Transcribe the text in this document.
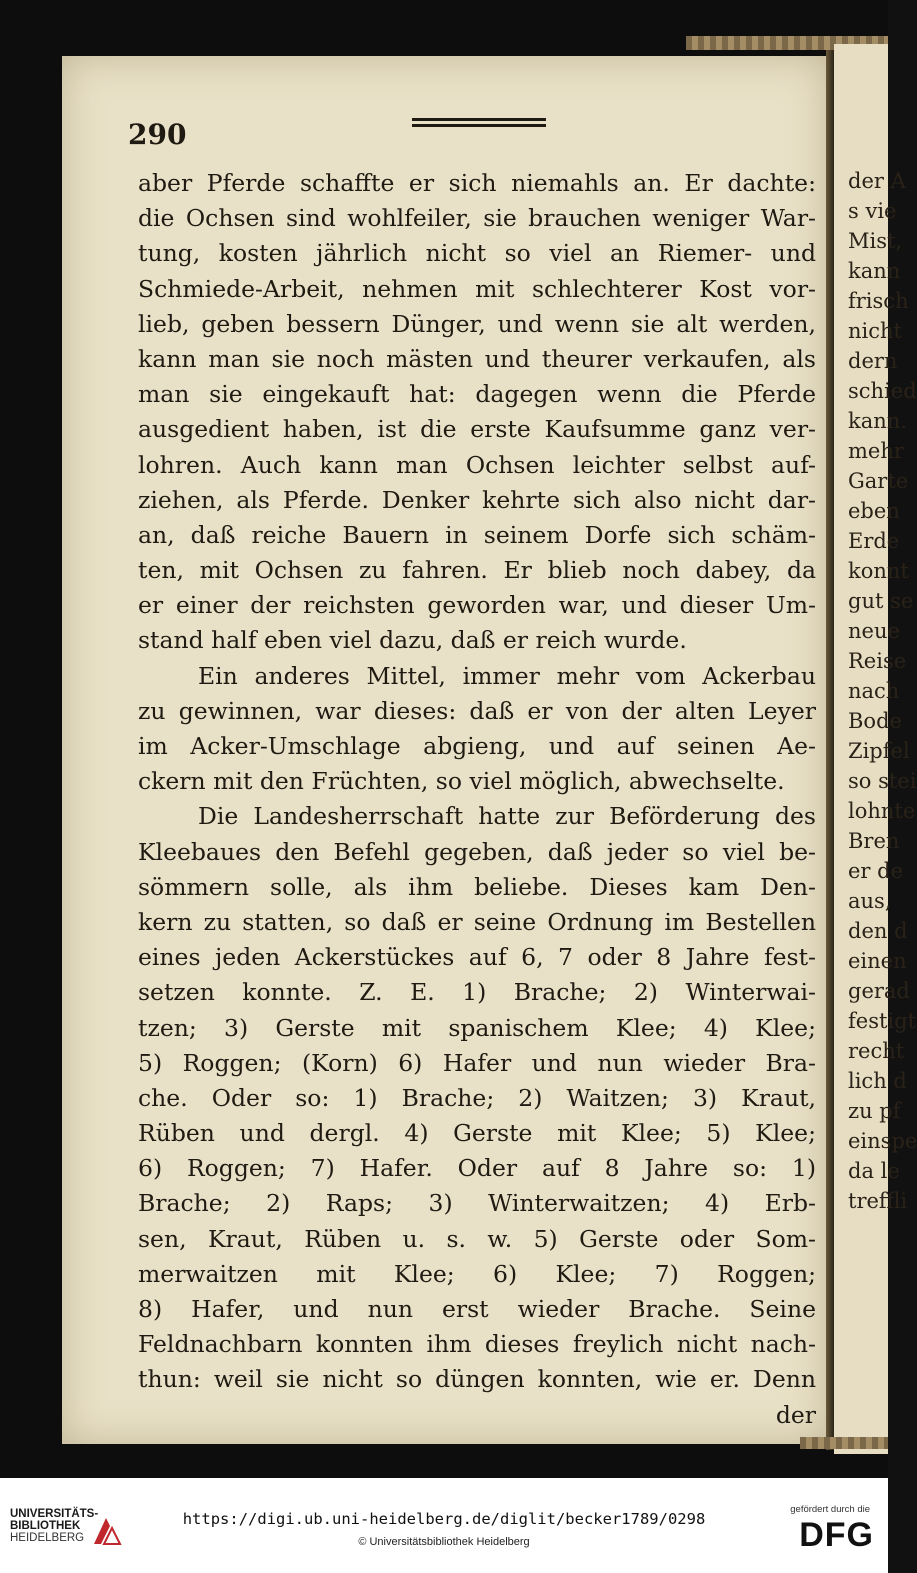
290
aber Pferde schaffte er sich niemahls an. Er dachte:
die Ochsen sind wohlfeiler, sie brauchen weniger War-
tung, kosten jährlich nicht so viel an Riemer- und
Schmiede-Arbeit, nehmen mit schlechterer Kost vor-
lieb, geben bessern Dünger, und wenn sie alt werden,
kann man sie noch mästen und theurer verkaufen, als
man sie eingekauft hat: dagegen wenn die Pferde
ausgedient haben, ist die erste Kaufsumme ganz ver-
lohren. Auch kann man Ochsen leichter selbst auf-
ziehen, als Pferde. Denker kehrte sich also nicht dar-
an, daß reiche Bauern in seinem Dorfe sich schäm-
ten, mit Ochsen zu fahren. Er blieb noch dabey, da
er einer der reichsten geworden war, und dieser Um-
stand half eben viel dazu, daß er reich wurde.
Ein anderes Mittel, immer mehr vom Ackerbau
zu gewinnen, war dieses: daß er von der alten Leyer
im Acker-Umschlage abgieng, und auf seinen Ae-
ckern mit den Früchten, so viel möglich, abwechselte.
Die Landesherrschaft hatte zur Beförderung des
Kleebaues den Befehl gegeben, daß jeder so viel be-
sömmern solle, als ihm beliebe. Dieses kam Den-
kern zu statten, so daß er seine Ordnung im Bestellen
eines jeden Ackerstückes auf 6, 7 oder 8 Jahre fest-
setzen konnte. Z. E. 1) Brache; 2) Winterwai-
tzen; 3) Gerste mit spanischem Klee; 4) Klee;
5) Roggen; (Korn) 6) Hafer und nun wieder Bra-
che. Oder so: 1) Brache; 2) Waitzen; 3) Kraut,
Rüben und dergl. 4) Gerste mit Klee; 5) Klee;
6) Roggen; 7) Hafer. Oder auf 8 Jahre so: 1)
Brache; 2) Raps; 3) Winterwaitzen; 4) Erb-
sen, Kraut, Rüben u. s. w. 5) Gerste oder Som-
merwaitzen mit Klee; 6) Klee; 7) Roggen;
8) Hafer, und nun erst wieder Brache. Seine
Feldnachbarn konnten ihm dieses freylich nicht nach-
thun: weil sie nicht so düngen konnten, wie er. Denn
der
der A
s vie
Mist,
kann
frisch
nicht
dern
schied
kann.
mehr
Garte
eben
Erde
konnt
gut se
neue
Reise
nach
Bode
Zipfel
so stei
lohnte
Bren
er de
aus,
den d
einen
gerad
festigt
recht
lich d
zu pf
einspe
da le
treffli
UNIVERSITÄTS-
BIBLIOTHEK
HEIDELBERG
https://digi.ub.uni-heidelberg.de/diglit/becker1789/0298
© Universitätsbibliothek Heidelberg
gefördert durch die
DFG
